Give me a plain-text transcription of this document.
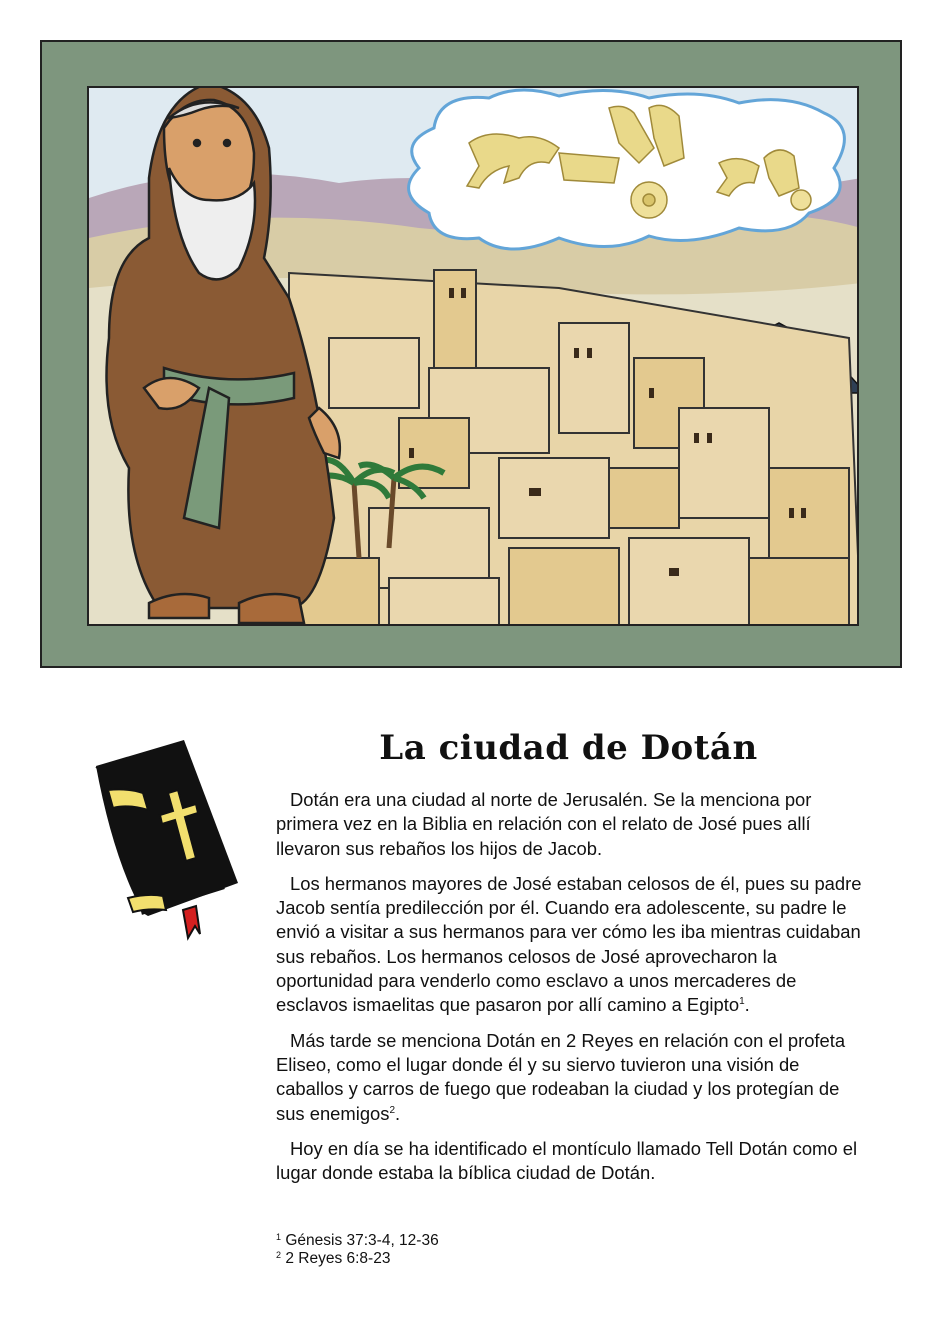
La ciudad de Dotán

Dotán era una ciudad al norte de Jerusalén. Se la menciona por primera vez en la Biblia en relación con el relato de José pues allí llevaron sus rebaños los hijos de Jacob.

Los hermanos mayores de José estaban celosos de él, pues su padre Jacob sentía predilección por él. Cuando era adolescente, su padre le envió a visitar a sus hermanos para ver cómo les iba mientras cuidaban sus rebaños. Los hermanos celosos de José aprovecharon la oportunidad para venderlo como esclavo a unos mercaderes de esclavos ismaelitas que pasaron por allí camino a Egipto$^1$.

Más tarde se menciona Dotán en 2 Reyes en relación con el profeta Eliseo, como el lugar donde él y su siervo tuvieron una visión de caballos y carros de fuego que rodeaban la ciudad y los protegían de sus enemigos$^2$.

Hoy en día se ha identificado el montículo llamado Tell Dotán como el lugar donde estaba la bíblica ciudad de Dotán.

$^1$ Génesis 37:3-4, 12-36
$^2$ 2 Reyes 6:8-23
